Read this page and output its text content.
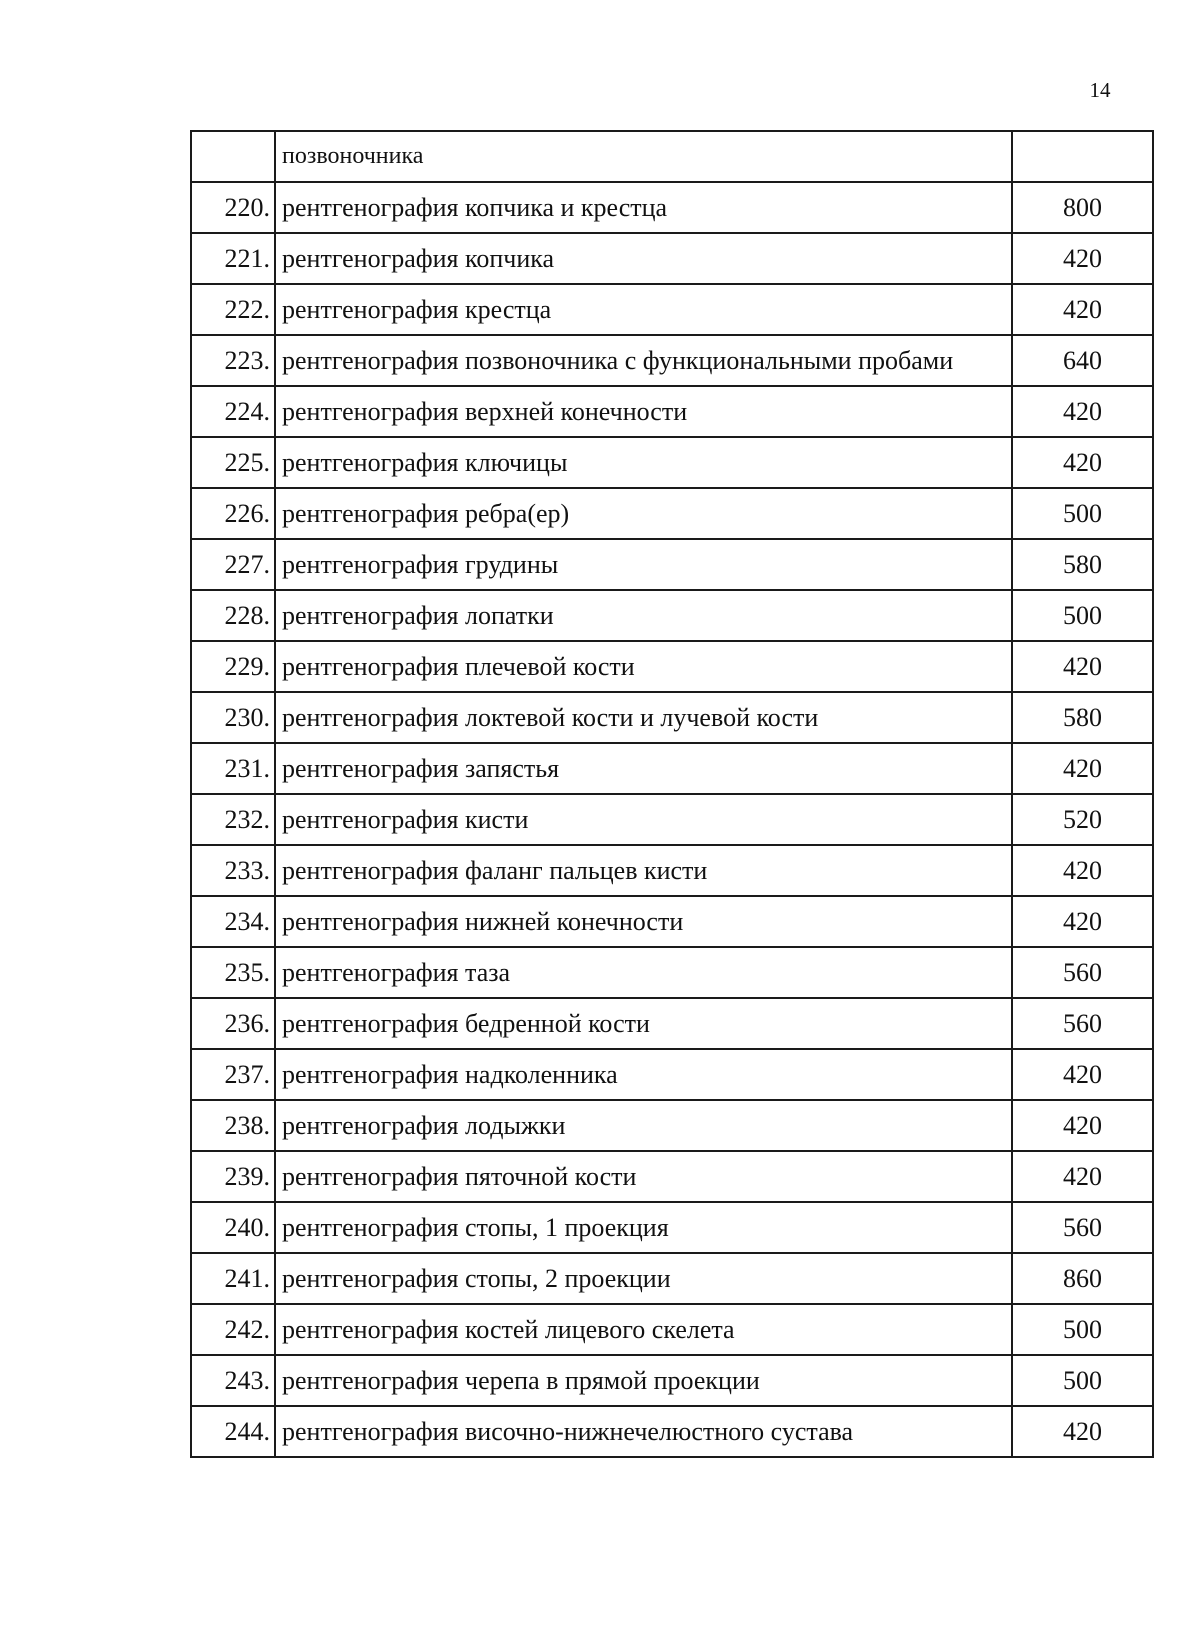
14
	позвоночника	
220.	рентгенография копчика и крестца	800
221.	рентгенография копчика	420
222.	рентгенография крестца	420
223.	рентгенография позвоночника с функциональными пробами	640
224.	рентгенография верхней конечности	420
225.	рентгенография ключицы	420
226.	рентгенография ребра(ер)	500
227.	рентгенография грудины	580
228.	рентгенография лопатки	500
229.	рентгенография плечевой кости	420
230.	рентгенография локтевой кости и лучевой кости	580
231.	рентгенография запястья	420
232.	рентгенография кисти	520
233.	рентгенография фаланг пальцев кисти	420
234.	рентгенография нижней конечности	420
235.	рентгенография таза	560
236.	рентгенография бедренной кости	560
237.	рентгенография надколенника	420
238.	рентгенография лодыжки	420
239.	рентгенография пяточной кости	420
240.	рентгенография стопы, 1 проекция	560
241.	рентгенография стопы, 2 проекции	860
242.	рентгенография костей лицевого скелета	500
243.	рентгенография черепа в прямой проекции	500
244.	рентгенография височно-нижнечелюстного сустава	420
